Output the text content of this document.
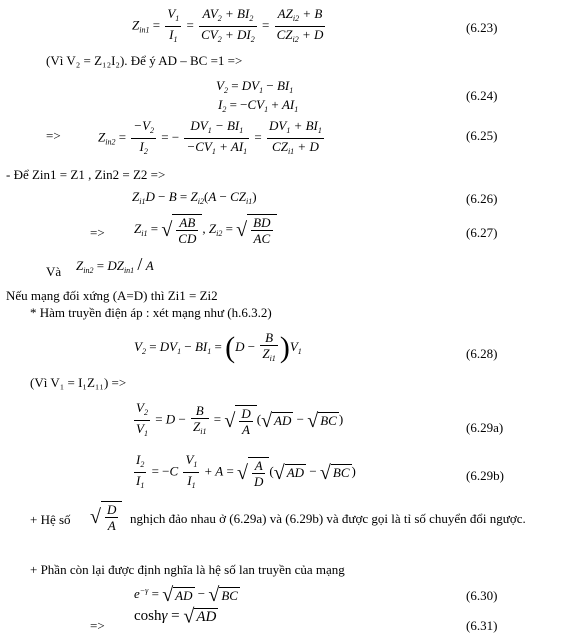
$Z_{in1} = \frac{V_1}{I_1} = \frac{AV_2 + BI_2}{CV_2 + DI_2} = \frac{AZ_{i2} + B}{CZ_{i2} + D}$	(6.23)
(Vì V₂ = Z₁₂I₂). Để ý AD – BC =1 =>
$V_2 = DV_1 - BI_1$
$I_2 = -CV_1 + AI_1$
(6.24)
=>	$Z_{in2} = \frac{-V_2}{I_2}$ = − $\frac{DV_1 - BI_1}{-CV_1 + AI_1} = \frac{DV_1 + BI_1}{CZ_{i1} + D}$	(6.25)
- Để Zin1 = Z1 , Zin2 = Z2 =>
$Z_{i1}D - B = Z_{i2}(A - CZ_{i1})$	(6.26)
=> $Z_{i1}$ = √ $\frac{AB}{CD}$ , $Z_{i2}$ = √ $\frac{BD}{AC}$	(6.27)
Và $Z_{in2} = DZ_{in1} / A$
Nếu mạng đối xứng (A=D) thì Zi1 = Zi2
* Hàm truyền điện áp : xét mạng như (h.6.3.2)
$V_2 = DV_1 - BI_1 = (D - \frac{B}{Z_{i1}} )V_1$	(6.28)
(Vì V₁ = I₁Z₁₁) =>
$\frac{V_2}{V_1} = D - \frac{B}{Z_{i1}}$ = √ $\frac{D}{A}$ (√ AD − √ BC )
(6.29a)
$\frac{I_2}{I_1} = -C \frac{V_1}{I_1} + A$ = √ $\frac{A}{D}$ (√ AD − √ BC )	(6.29b)
+ Hệ số √ $\frac{D}{A}$ nghịch đảo nhau ở (6.29a) và (6.29b) và được gọi là tỉ số chuyển đổi ngược.
+ Phần còn lại được định nghĩa là hệ số lan truyền của mạng
$e^{-\gamma}$ = √ AD − √ BC	(6.30)
=>
coshγ = √ AD
(6.31)
